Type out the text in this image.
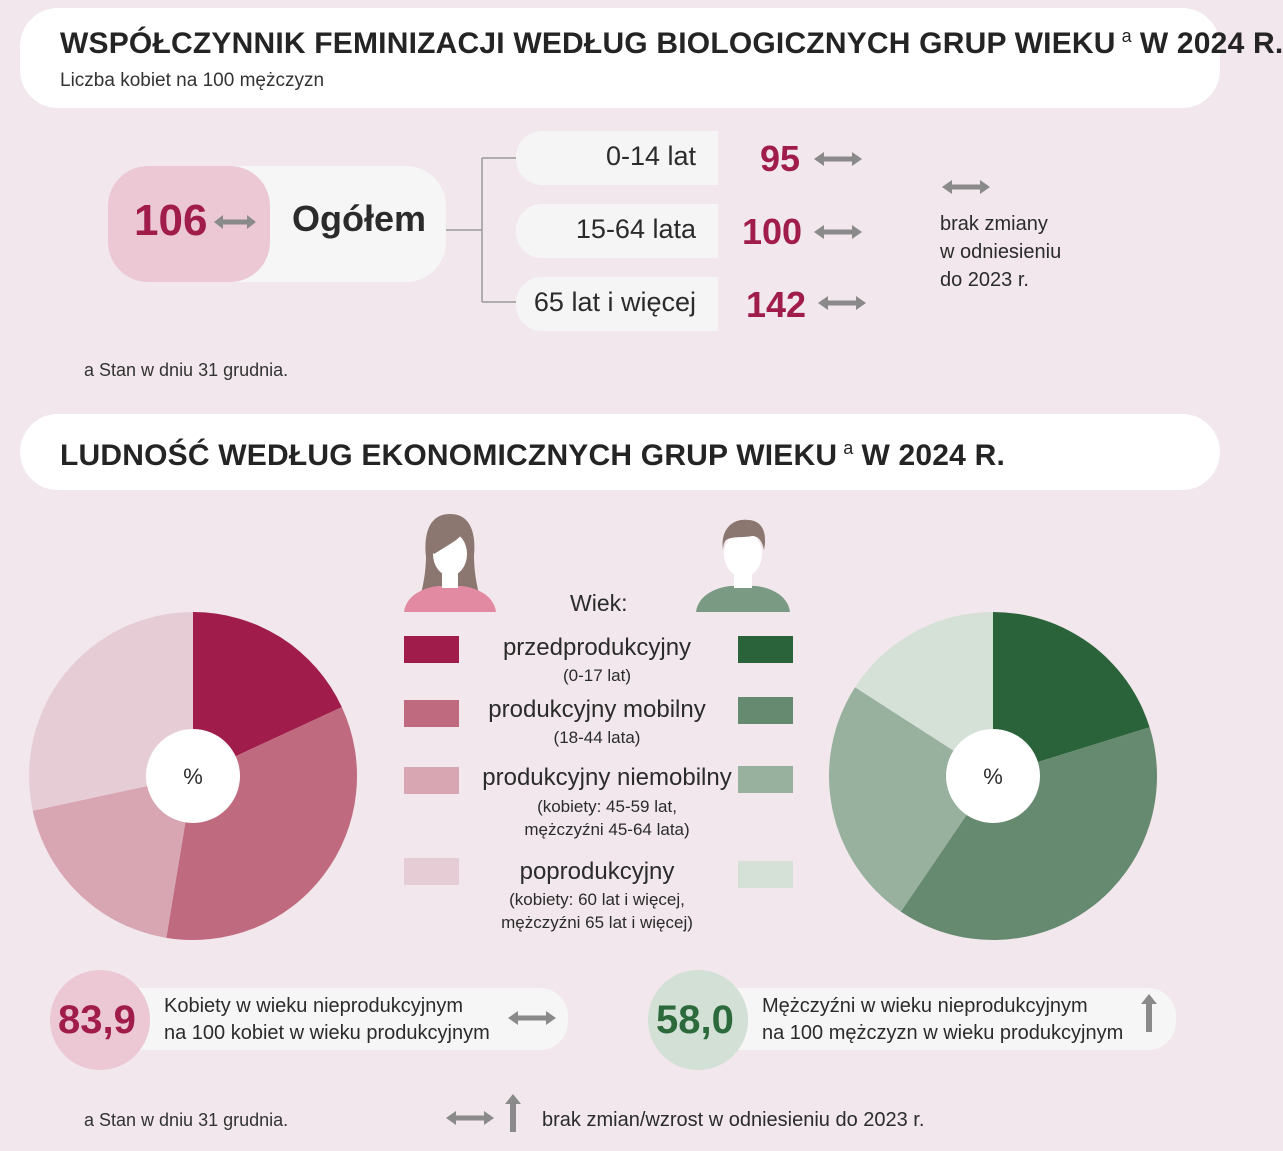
WSPÓŁCZYNNIK FEMINIZACJI WEDŁUG BIOLOGICZNYCH GRUP WIEKU $^a$ W 2024 R.
Liczba kobiet na 100 mężczyzn
106 Ogółem
0-14 lat 95
15-64 lata 100
65 lat i więcej 142
brak zmiany
w odniesieniu
do 2023 r.
a Stan w dniu 31 grudnia.
LUDNOŚĆ WEDŁUG EKONOMICZNYCH GRUP WIEKU $^a$ W 2024 R.
Wiek:
przedprodukcyjny
(0-17 lat)
produkcyjny mobilny
(18-44 lata)
produkcyjny niemobilny
(kobiety: 45-59 lat,
mężczyźni 45-64 lata)
poprodukcyjny
(kobiety: 60 lat i więcej,
mężczyźni 65 lat i więcej)
%	%
83,9 Kobiety w wieku nieprodukcyjnym
na 100 kobiet w wieku produkcyjnym	58,0 Mężczyźni w wieku nieprodukcyjnym
na 100 mężczyzn w wieku produkcyjnym
a Stan w dniu 31 grudnia.	brak zmian/wzrost w odniesieniu do 2023 r.
